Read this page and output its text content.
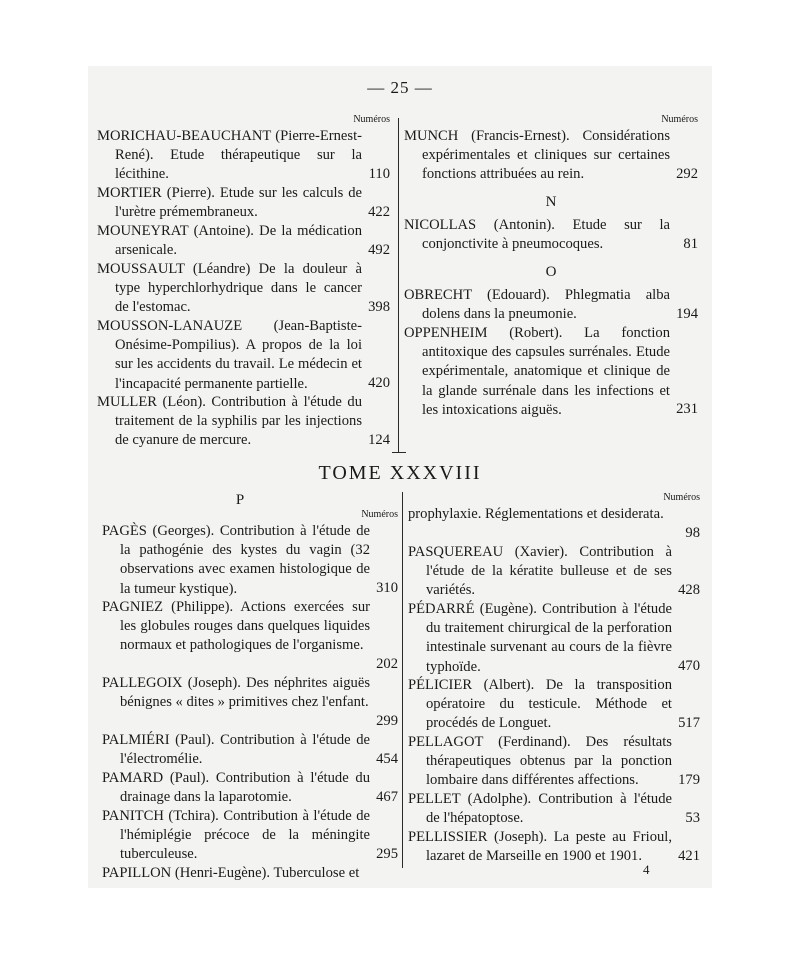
— 25 —
Numéros
MORICHAU-BEAUCHANT (Pierre-Ernest-René). Etude thérapeutique sur la lécithine.	110
MORTIER (Pierre). Etude sur les calculs de l'urètre prémembraneux.	422
MOUNEYRAT (Antoine). De la médication arsenicale.	492
MOUSSAULT (Léandre) De la douleur à type hyperchlorhydrique dans le cancer de l'estomac.	398
MOUSSON-LANAUZE (Jean-Baptiste-Onésime-Pompilius). A propos de la loi sur les accidents du travail. Le médecin et l'incapacité permanente partielle.	420
MULLER (Léon). Contribution à l'étude du traitement de la syphilis par les injections de cyanure de mercure.	124
Numéros
MUNCH (Francis-Ernest). Considérations expérimentales et cliniques sur certaines fonctions attribuées au rein.	292
N
NICOLLAS (Antonin). Etude sur la conjonctivite à pneumocoques.	81
O
OBRECHT (Edouard). Phlegmatia alba dolens dans la pneumonie.	194
OPPENHEIM (Robert). La fonction antitoxique des capsules surrénales. Etude expérimentale, anatomique et clinique de la glande surrénale dans les infections et les intoxications aiguës.	231
TOME XXXVIII
P
Numéros
PAGÈS (Georges). Contribution à l'étude de la pathogénie des kystes du vagin (32 observations avec examen histologique de la tumeur kystique).	310
PAGNIEZ (Philippe). Actions exercées sur les globules rouges dans quelques liquides normaux et pathologiques de l'organisme.
202
PALLEGOIX (Joseph). Des néphrites aiguës bénignes « dites » primitives chez l'enfant.
299
PALMIÉRI (Paul). Contribution à l'étude de l'électromélie.	454
PAMARD (Paul). Contribution à l'étude du drainage dans la laparotomie.	467
PANITCH (Tchira). Contribution à l'étude de l'hémiplégie précoce de la méningite tuberculeuse.	295
PAPILLON (Henri-Eugène). Tuberculose et
Numéros
prophylaxie. Réglementations et desiderata.
98
PASQUEREAU (Xavier). Contribution à l'étude de la kératite bulleuse et de ses variétés.	428
PÉDARRÉ (Eugène). Contribution à l'étude du traitement chirurgical de la perforation intestinale survenant au cours de la fièvre typhoïde.	470
PÉLICIER (Albert). De la transposition opératoire du testicule. Méthode et procédés de Longuet.	517
PELLAGOT (Ferdinand). Des résultats thérapeutiques obtenus par la ponction lombaire dans différentes affections.	179
PELLET (Adolphe). Contribution à l'étude de l'hépatoptose.	53
PELLISSIER (Joseph). La peste au Frioul, lazaret de Marseille en 1900 et 1901. 421
4
